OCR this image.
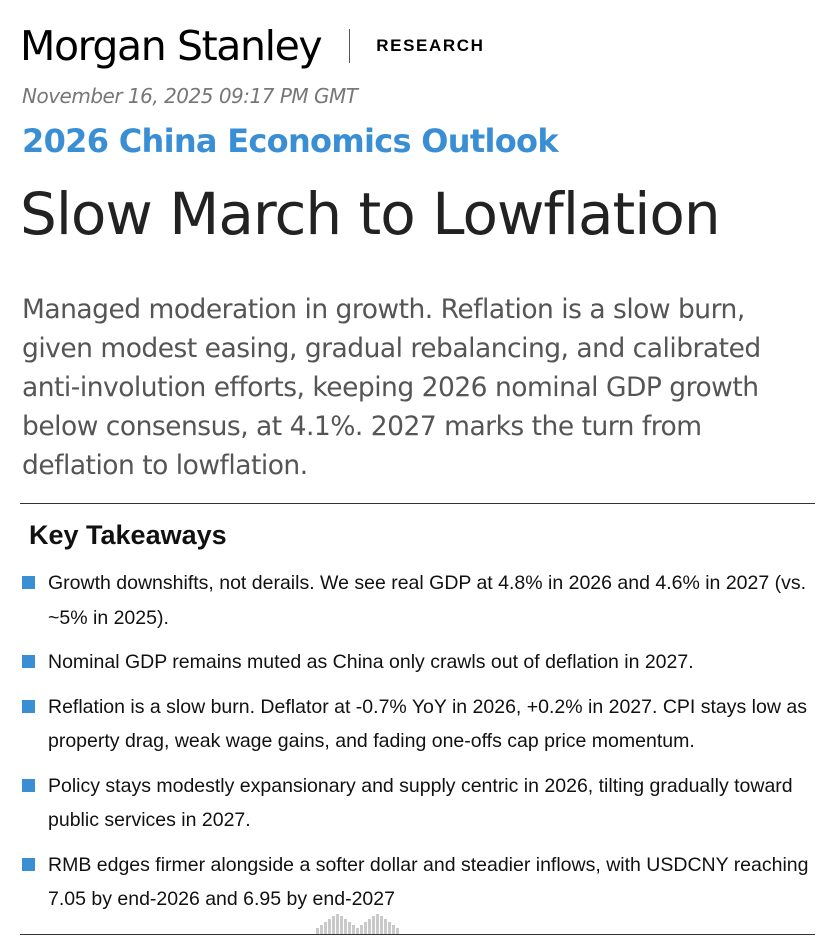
Morgan Stanley	RESEARCH
November 16, 2025 09:17 PM GMT
2026 China Economics Outlook
Slow March to Lowflation

Managed moderation in growth. Reflation is a slow burn, given modest easing, gradual rebalancing, and calibrated anti-involution efforts, keeping 2026 nominal GDP growth below consensus, at 4.1%. 2027 marks the turn from deflation to lowflation.

Key Takeaways
Growth downshifts, not derails. We see real GDP at 4.8% in 2026 and 4.6% in 2027 (vs. ~5% in 2025).
Nominal GDP remains muted as China only crawls out of deflation in 2027.
Reflation is a slow burn. Deflator at -0.7% YoY in 2026, +0.2% in 2027. CPI stays low as property drag, weak wage gains, and fading one-offs cap price momentum.
Policy stays modestly expansionary and supply centric in 2026, tilting gradually toward public services in 2027.
RMB edges firmer alongside a softer dollar and steadier inflows, with USDCNY reaching 7.05 by end-2026 and 6.95 by end-2027
